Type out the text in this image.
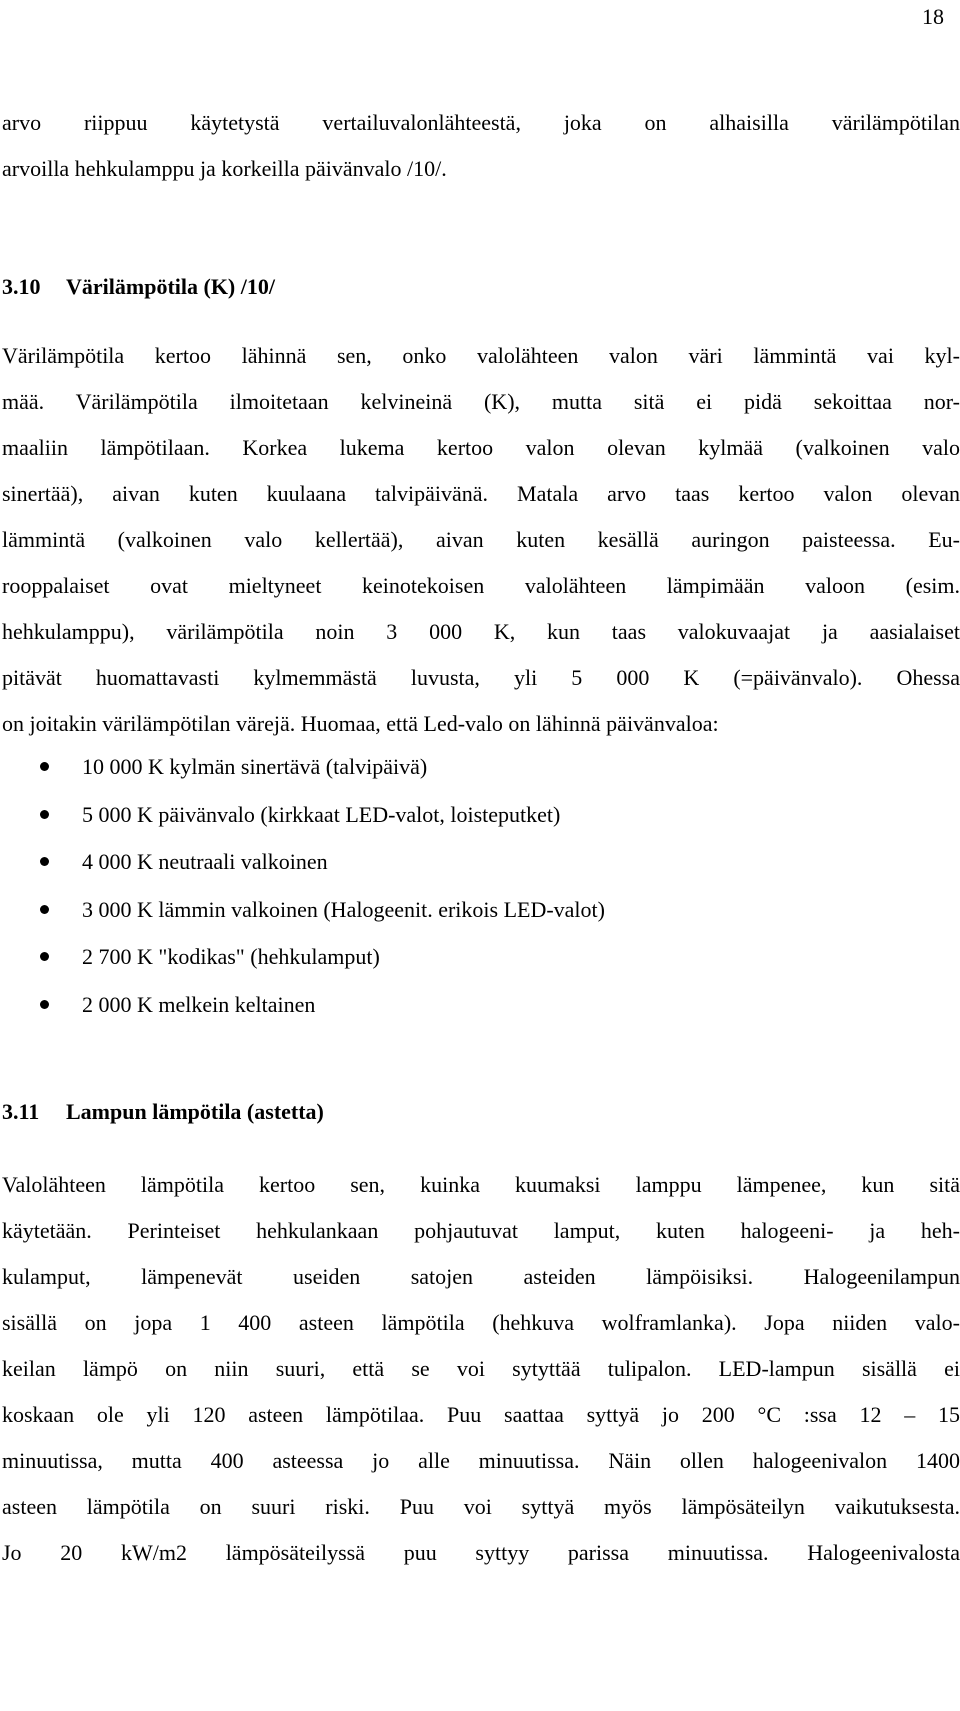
18
arvo riippuu käytetystä vertailuvalonlähteestä, joka on alhaisilla värilämpötilan
arvoilla hehkulamppu ja korkeilla päivänvalo /10/.
3.10 Värilämpötila (K) /10/
Värilämpötila kertoo lähinnä sen, onko valolähteen valon väri lämmintä vai kyl-
mää. Värilämpötila ilmoitetaan kelvineinä (K), mutta sitä ei pidä sekoittaa nor-
maaliin lämpötilaan. Korkea lukema kertoo valon olevan kylmää (valkoinen valo
sinertää), aivan kuten kuulaana talvipäivänä. Matala arvo taas kertoo valon olevan
lämmintä (valkoinen valo kellertää), aivan kuten kesällä auringon paisteessa. Eu-
rooppalaiset ovat mieltyneet keinotekoisen valolähteen lämpimään valoon (esim.
hehkulamppu), värilämpötila noin 3 000 K, kun taas valokuvaajat ja aasialaiset
pitävät huomattavasti kylmemmästä luvusta, yli 5 000 K (=päivänvalo). Ohessa
on joitakin värilämpötilan värejä. Huomaa, että Led-valo on lähinnä päivänvaloa:
10 000 K kylmän sinertävä (talvipäivä)
5 000 K päivänvalo (kirkkaat LED-valot, loisteputket)
4 000 K neutraali valkoinen
3 000 K lämmin valkoinen (Halogeenit. erikois LED-valot)
2 700 K "kodikas" (hehkulamput)
2 000 K melkein keltainen
3.11 Lampun lämpötila (astetta)
Valolähteen lämpötila kertoo sen, kuinka kuumaksi lamppu lämpenee, kun sitä
käytetään. Perinteiset hehkulankaan pohjautuvat lamput, kuten halogeeni- ja heh-
kulamput, lämpenevät useiden satojen asteiden lämpöisiksi. Halogeenilampun
sisällä on jopa 1 400 asteen lämpötila (hehkuva wolframlanka). Jopa niiden valo-
keilan lämpö on niin suuri, että se voi sytyttää tulipalon. LED-lampun sisällä ei
koskaan ole yli 120 asteen lämpötilaa. Puu saattaa syttyä jo 200 °C :ssa 12 – 15
minuutissa, mutta 400 asteessa jo alle minuutissa. Näin ollen halogeenivalon 1400
asteen lämpötila on suuri riski. Puu voi syttyä myös lämpösäteilyn vaikutuksesta.
Jo 20 kW/m2 lämpösäteilyssä puu syttyy parissa minuutissa. Halogeenivalosta
